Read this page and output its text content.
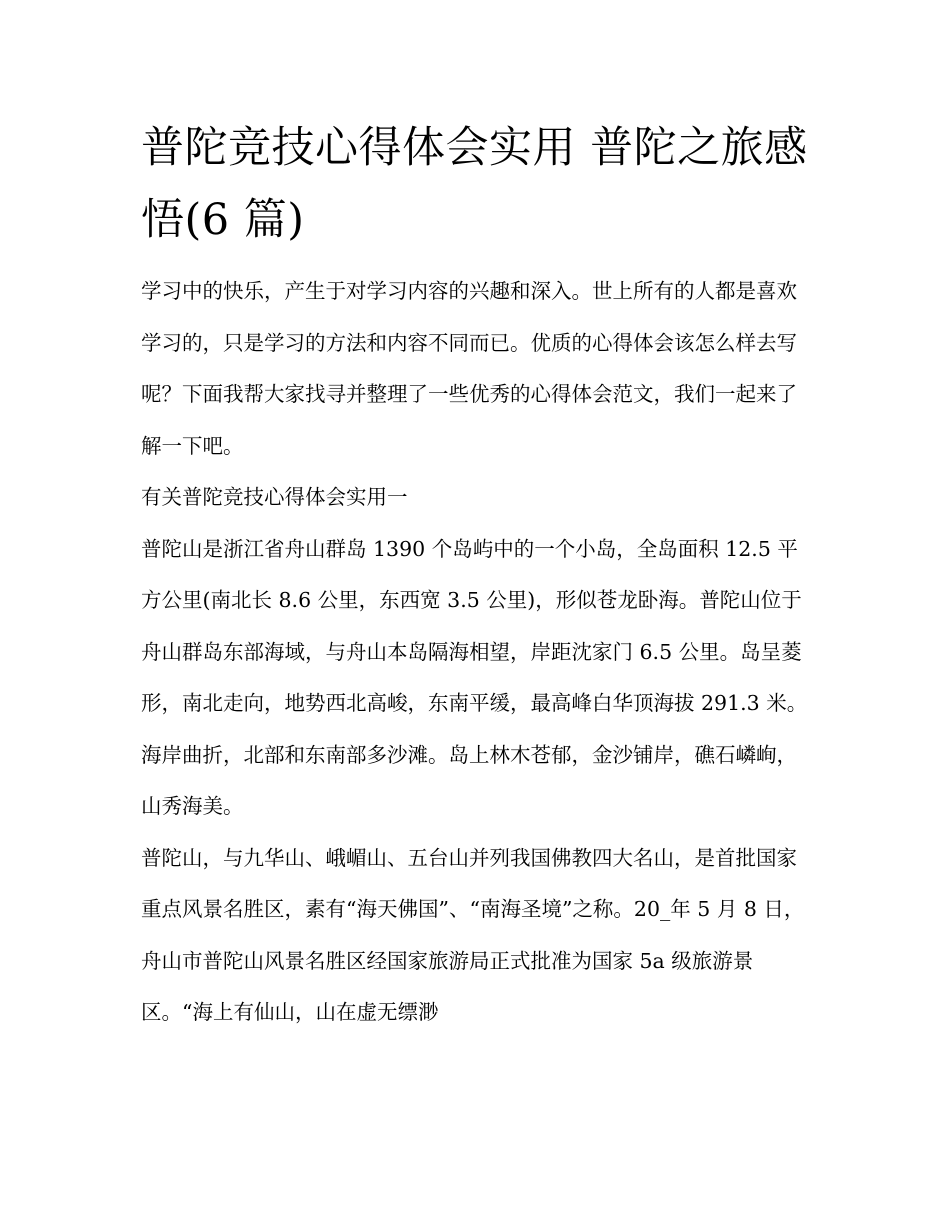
普陀竞技心得体会实用 普陀之旅感悟(6 篇)

学习中的快乐，产生于对学习内容的兴趣和深入。世上所有的人都是喜欢学习的，只是学习的方法和内容不同而已。优质的心得体会该怎么样去写呢？下面我帮大家找寻并整理了一些优秀的心得体会范文，我们一起来了解一下吧。

有关普陀竞技心得体会实用一

普陀山是浙江省舟山群岛 1390 个岛屿中的一个小岛，全岛面积 12.5 平方公里(南北长 8.6 公里，东西宽 3.5 公里)，形似苍龙卧海。普陀山位于舟山群岛东部海域，与舟山本岛隔海相望，岸距沈家门 6.5 公里。岛呈菱形，南北走向，地势西北高峻，东南平缓，最高峰白华顶海拔 291.3 米。海岸曲折，北部和东南部多沙滩。岛上林木苍郁，金沙铺岸，礁石嶙峋，山秀海美。

普陀山，与九华山、峨嵋山、五台山并列我国佛教四大名山，是首批国家重点风景名胜区，素有“海天佛国”、“南海圣境”之称。20_年 5 月 8 日，舟山市普陀山风景名胜区经国家旅游局正式批准为国家 5a 级旅游景区。“海上有仙山，山在虚无缥渺
